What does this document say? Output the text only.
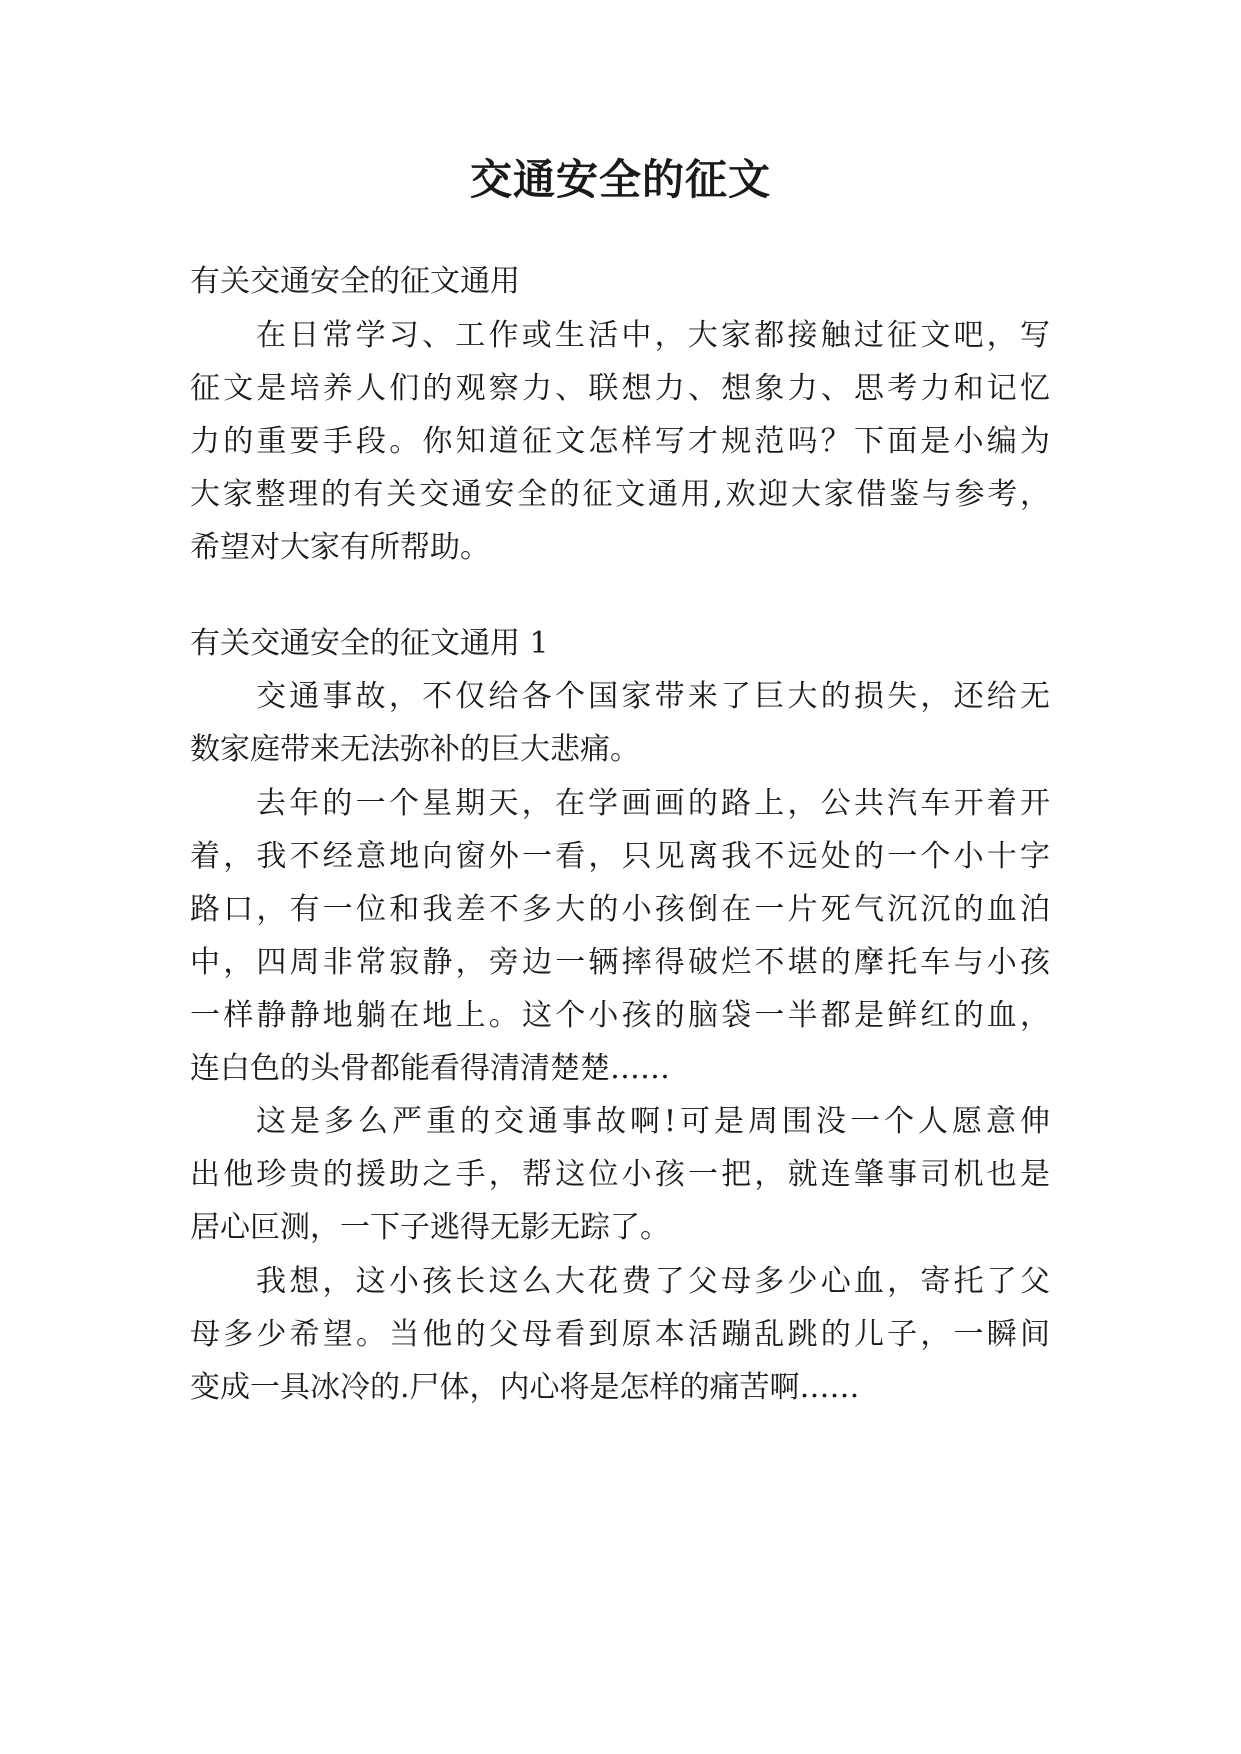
交通安全的征文

有关交通安全的征文通用

在日常学习、工作或生活中，大家都接触过征文吧，写

征文是培养人们的观察力、联想力、想象力、思考力和记忆

力的重要手段。你知道征文怎样写才规范吗？下面是小编为

大家整理的有关交通安全的征文通用,欢迎大家借鉴与参考，

希望对大家有所帮助。

有关交通安全的征文通用 1

交通事故，不仅给各个国家带来了巨大的损失，还给无

数家庭带来无法弥补的巨大悲痛。

去年的一个星期天，在学画画的路上，公共汽车开着开

着，我不经意地向窗外一看，只见离我不远处的一个小十字

路口，有一位和我差不多大的小孩倒在一片死气沉沉的血泊

中，四周非常寂静，旁边一辆摔得破烂不堪的摩托车与小孩

一样静静地躺在地上。这个小孩的脑袋一半都是鲜红的血，

连白色的头骨都能看得清清楚楚……

这是多么严重的交通事故啊!可是周围没一个人愿意伸

出他珍贵的援助之手，帮这位小孩一把，就连肇事司机也是

居心叵测，一下子逃得无影无踪了。

我想，这小孩长这么大花费了父母多少心血，寄托了父

母多少希望。当他的父母看到原本活蹦乱跳的儿子，一瞬间

变成一具冰冷的.尸体，内心将是怎样的痛苦啊……
